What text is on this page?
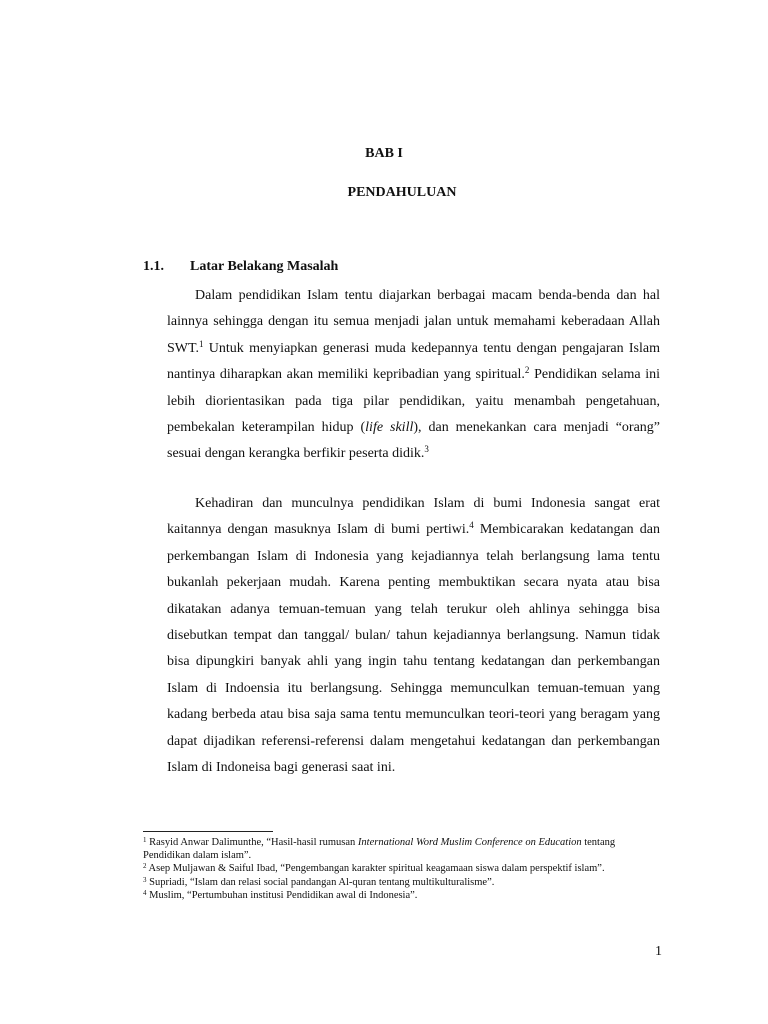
BAB I
PENDAHULUAN
1.1. Latar Belakang Masalah

Dalam pendidikan Islam tentu diajarkan berbagai macam benda-benda dan hal lainnya sehingga dengan itu semua menjadi jalan untuk memahami keberadaan Allah SWT.$^1$ Untuk menyiapkan generasi muda kedepannya tentu dengan pengajaran Islam nantinya diharapkan akan memiliki kepribadian yang spiritual.$^2$ Pendidikan selama ini lebih diorientasikan pada tiga pilar pendidikan, yaitu menambah pengetahuan, pembekalan keterampilan hidup (life skill), dan menekankan cara menjadi “orang” sesuai dengan kerangka berfikir peserta didik.$^3$

Kehadiran dan munculnya pendidikan Islam di bumi Indonesia sangat erat kaitannya dengan masuknya Islam di bumi pertiwi.$^4$ Membicarakan kedatangan dan perkembangan Islam di Indonesia yang kejadiannya telah berlangsung lama tentu bukanlah pekerjaan mudah. Karena penting membuktikan secara nyata atau bisa dikatakan adanya temuan-temuan yang telah terukur oleh ahlinya sehingga bisa disebutkan tempat dan tanggal/ bulan/ tahun kejadiannya berlangsung. Namun tidak bisa dipungkiri banyak ahli yang ingin tahu tentang kedatangan dan perkembangan Islam di Indoensia itu berlangsung. Sehingga memunculkan temuan-temuan yang kadang berbeda atau bisa saja sama tentu memunculkan teori-teori yang beragam yang dapat dijadikan referensi-referensi dalam mengetahui kedatangan dan perkembangan Islam di Indoneisa bagi generasi saat ini.

$^1$ Rasyid Anwar Dalimunthe, “Hasil-hasil rumusan International Word Muslim Conference on Education tentang Pendidikan dalam islam”.
$^2$ Asep Muljawan & Saiful Ibad, “Pengembangan karakter spiritual keagamaan siswa dalam perspektif islam”.
$^3$ Supriadi, “Islam dan relasi social pandangan Al-quran tentang multikulturalisme”.
$^4$ Muslim, “Pertumbuhan institusi Pendidikan awal di Indonesia”.
1
